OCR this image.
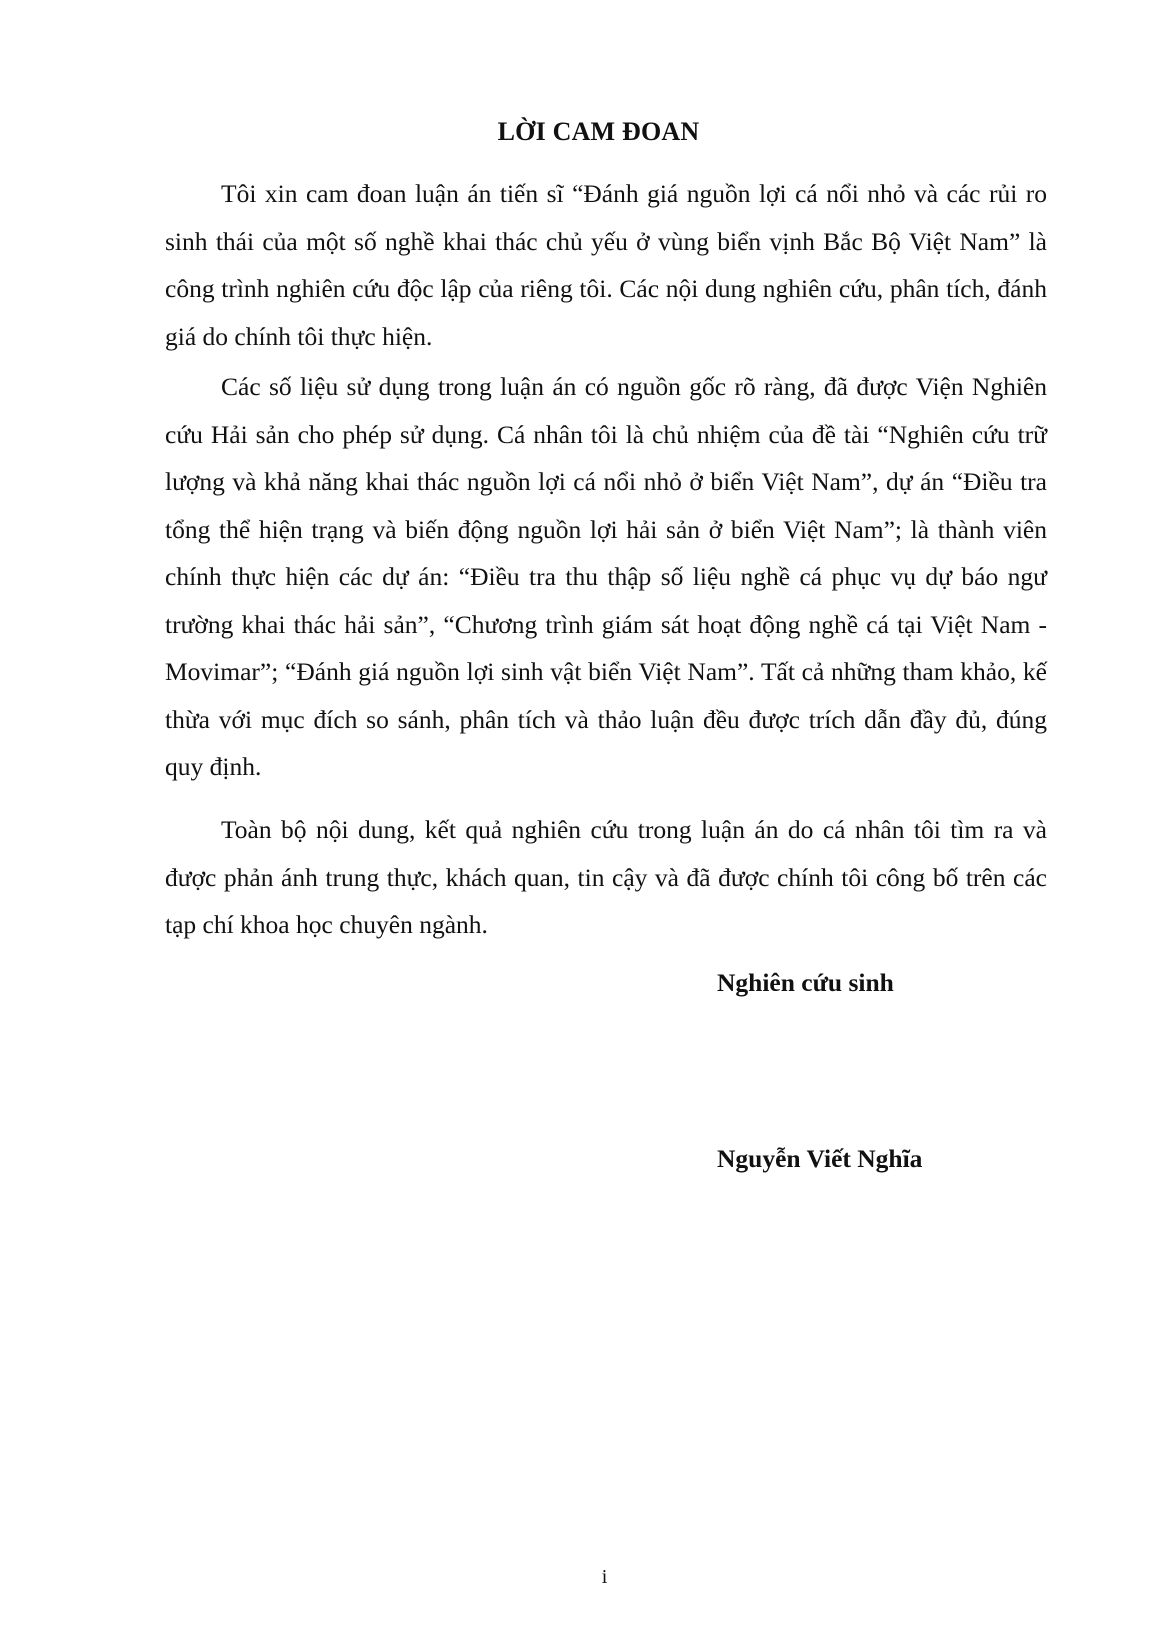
LỜI CAM ĐOAN

Tôi xin cam đoan luận án tiến sĩ “Đánh giá nguồn lợi cá nổi nhỏ và các rủi ro sinh thái của một số nghề khai thác chủ yếu ở vùng biển vịnh Bắc Bộ Việt Nam” là công trình nghiên cứu độc lập của riêng tôi. Các nội dung nghiên cứu, phân tích, đánh giá do chính tôi thực hiện.

Các số liệu sử dụng trong luận án có nguồn gốc rõ ràng, đã được Viện Nghiên cứu Hải sản cho phép sử dụng. Cá nhân tôi là chủ nhiệm của đề tài “Nghiên cứu trữ lượng và khả năng khai thác nguồn lợi cá nổi nhỏ ở biển Việt Nam”, dự án “Điều tra tổng thể hiện trạng và biến động nguồn lợi hải sản ở biển Việt Nam”; là thành viên chính thực hiện các dự án: “Điều tra thu thập số liệu nghề cá phục vụ dự báo ngư trường khai thác hải sản”, “Chương trình giám sát hoạt động nghề cá tại Việt Nam - Movimar”; “Đánh giá nguồn lợi sinh vật biển Việt Nam”. Tất cả những tham khảo, kế thừa với mục đích so sánh, phân tích và thảo luận đều được trích dẫn đầy đủ, đúng quy định.

Toàn bộ nội dung, kết quả nghiên cứu trong luận án do cá nhân tôi tìm ra và được phản ánh trung thực, khách quan, tin cậy và đã được chính tôi công bố trên các tạp chí khoa học chuyên ngành.

Nghiên cứu sinh
Nguyễn Viết Nghĩa
i
